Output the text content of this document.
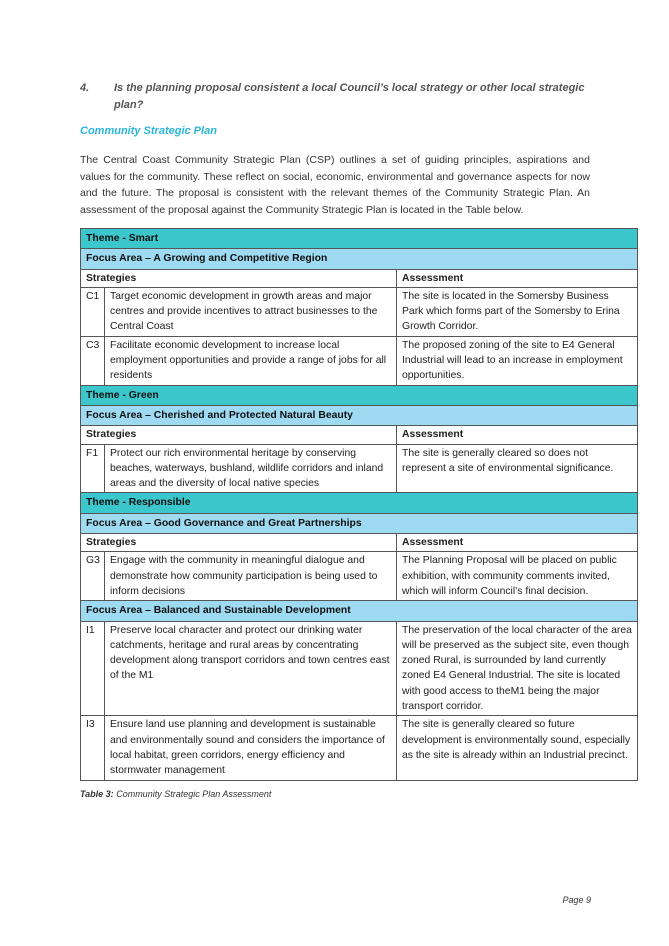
4. Is the planning proposal consistent a local Council’s local strategy or other local strategic plan?
Community Strategic Plan
The Central Coast Community Strategic Plan (CSP) outlines a set of guiding principles, aspirations and values for the community. These reflect on social, economic, environmental and governance aspects for now and the future. The proposal is consistent with the relevant themes of the Community Strategic Plan. An assessment of the proposal against the Community Strategic Plan is located in the Table below.
Theme - Smart		
Focus Area – A Growing and Competitive Region		
Strategies		Assessment
C1	Target economic development in growth areas and major centres and provide incentives to attract businesses to the Central Coast	The site is located in the Somersby Business Park which forms part of the Somersby to Erina Growth Corridor.
C3	Facilitate economic development to increase local employment opportunities and provide a range of jobs for all residents	The proposed zoning of the site to E4 General Industrial will lead to an increase in employment opportunities.
Theme - Green		
Focus Area – Cherished and Protected Natural Beauty		
Strategies		Assessment
F1	Protect our rich environmental heritage by conserving beaches, waterways, bushland, wildlife corridors and inland areas and the diversity of local native species	The site is generally cleared so does not represent a site of environmental significance.
Theme - Responsible		
Focus Area – Good Governance and Great Partnerships		
Strategies		Assessment
G3	Engage with the community in meaningful dialogue and demonstrate how community participation is being used to inform decisions	The Planning Proposal will be placed on public exhibition, with community comments invited, which will inform Council’s final decision.
Focus Area – Balanced and Sustainable Development		
I1	Preserve local character and protect our drinking water catchments, heritage and rural areas by concentrating development along transport corridors and town centres east of the M1	The preservation of the local character of the area will be preserved as the subject site, even though zoned Rural, is surrounded by land currently zoned E4 General Industrial. The site is located with good access to theM1 being the major transport corridor.
I3	Ensure land use planning and development is sustainable and environmentally sound and considers the importance of local habitat, green corridors, energy efficiency and stormwater management	The site is generally cleared so future development is environmentally sound, especially as the site is already within an Industrial precinct.
Table 3: Community Strategic Plan Assessment
Page 9
